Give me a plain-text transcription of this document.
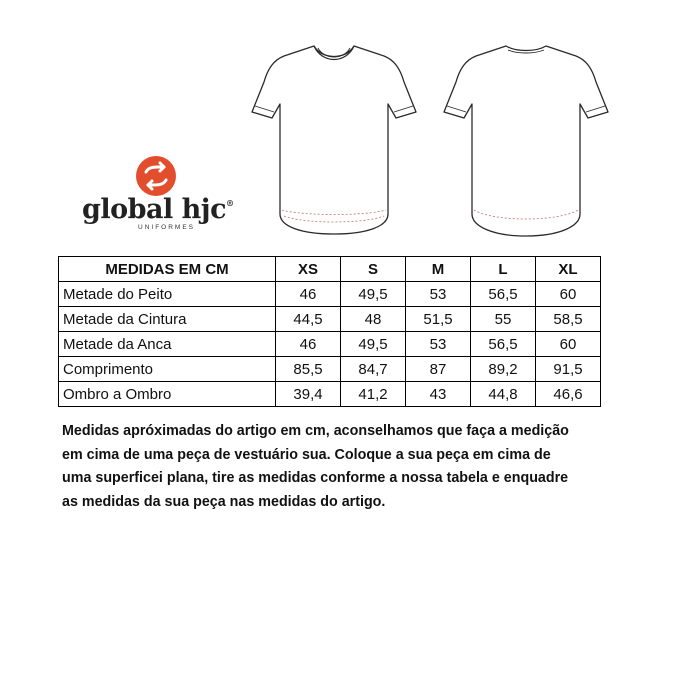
global hjc®
UNIFORMES
MEDIDAS EM CM	XS	S	M	L	XL
Metade do Peito	46	49,5	53	56,5	60
Metade da Cintura	44,5	48	51,5	55	58,5
Metade da Anca	46	49,5	53	56,5	60
Comprimento	85,5	84,7	87	89,2	91,5
Ombro a Ombro	39,4	41,2	43	44,8	46,6

Medidas apróximadas do artigo em cm, aconselhamos que faça a medição

em cima de uma peça de vestuário sua. Coloque a sua peça em cima de

uma superficei plana, tire as medidas conforme a nossa tabela e enquadre

as medidas da sua peça nas medidas do artigo.
